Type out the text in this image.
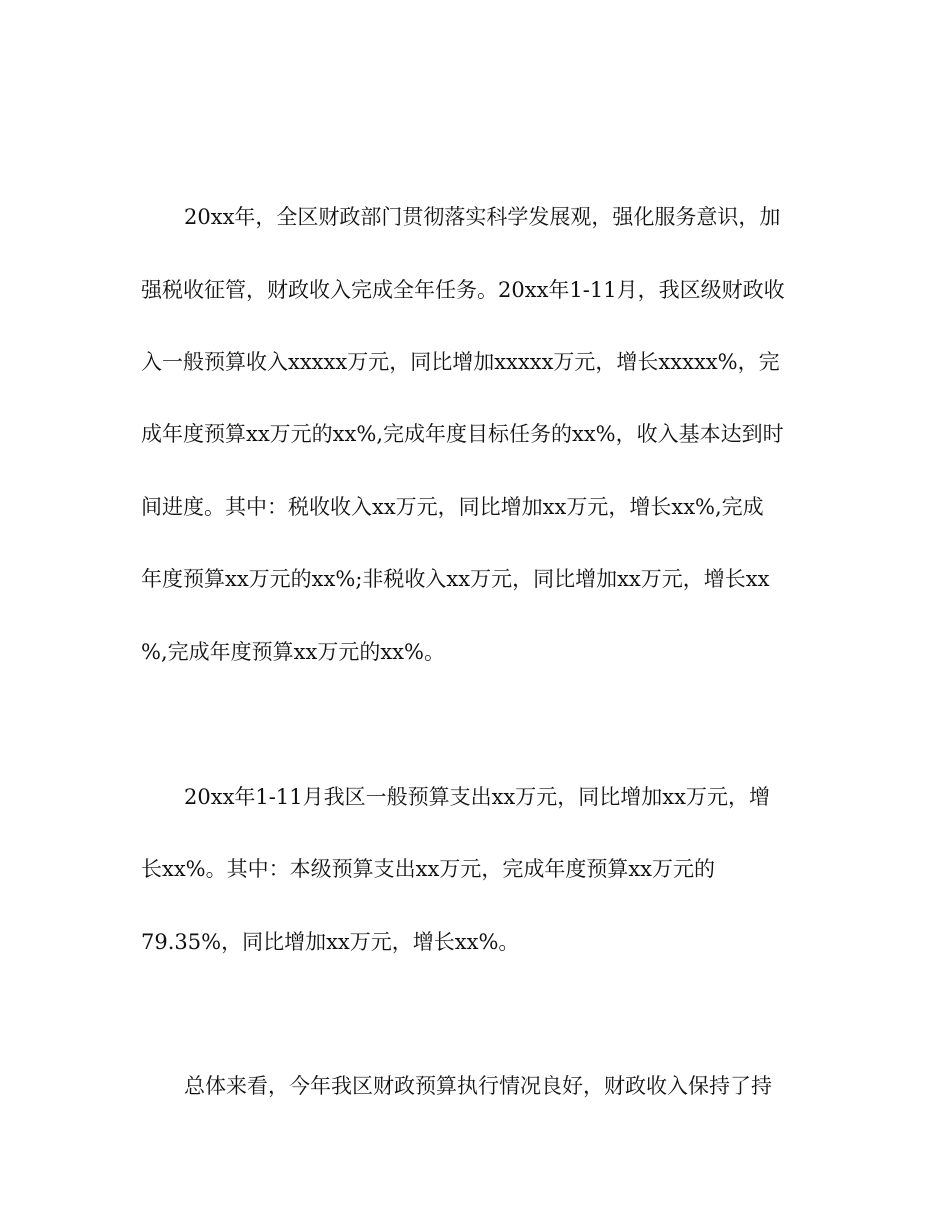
20xx年，全区财政部门贯彻落实科学发展观，强化服务意识，加
强税收征管，财政收入完成全年任务。20xx年1-11月，我区级财政收
入一般预算收入xxxxx万元，同比增加xxxxx万元，增长xxxxx%，完
成年度预算xx万元的xx%,完成年度目标任务的xx%，收入基本达到时
间进度。其中：税收收入xx万元，同比增加xx万元，增长xx%,完成
年度预算xx万元的xx%;非税收入xx万元，同比增加xx万元，增长xx
%,完成年度预算xx万元的xx%。
20xx年1-11月我区一般预算支出xx万元，同比增加xx万元，增
长xx%。其中：本级预算支出xx万元，完成年度预算xx万元的
79.35%，同比增加xx万元，增长xx%。
总体来看，今年我区财政预算执行情况良好，财政收入保持了持
